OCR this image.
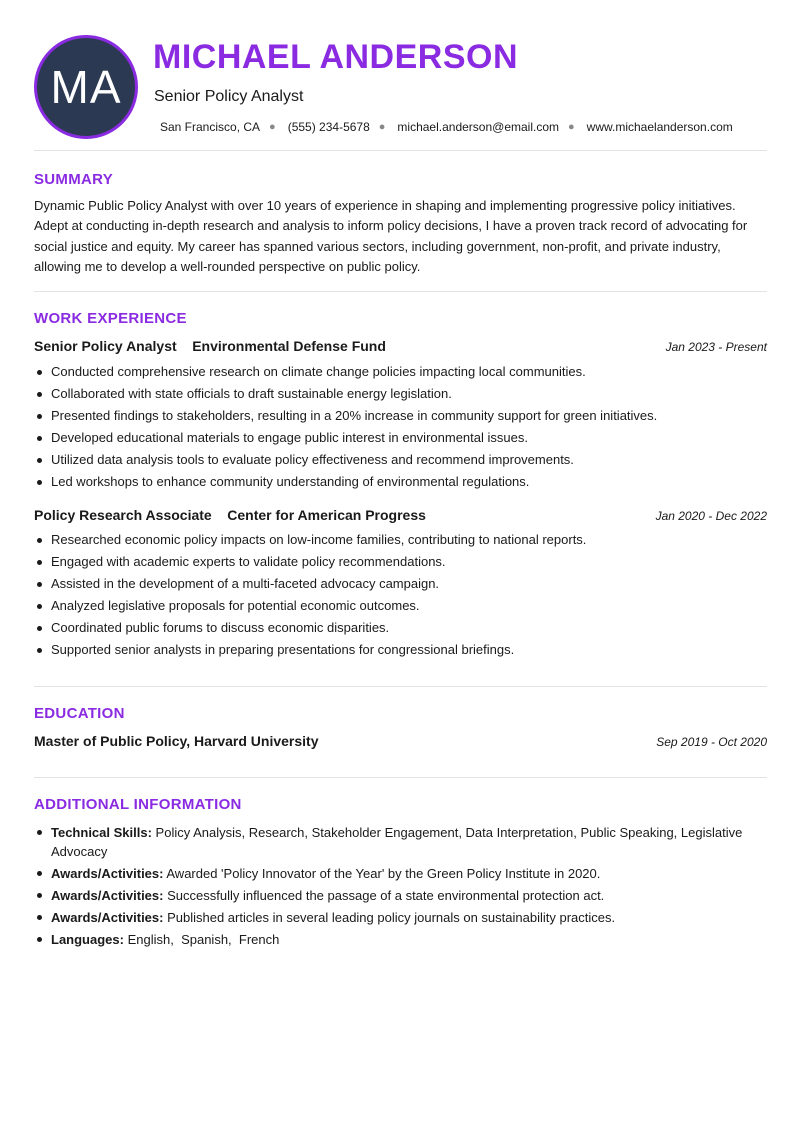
MA
MICHAEL ANDERSON
Senior Policy Analyst
San Francisco, CA ● (555) 234-5678 ● michael.anderson@email.com ● www.michaelanderson.com
SUMMARY
Dynamic Public Policy Analyst with over 10 years of experience in shaping and implementing progressive policy initiatives. Adept at conducting in-depth research and analysis to inform policy decisions, I have a proven track record of advocating for social justice and equity. My career has spanned various sectors, including government, non-profit, and private industry, allowing me to develop a well-rounded perspective on public policy.
WORK EXPERIENCE
Senior Policy Analyst Environmental Defense Fund	Jan 2023 - Present
Conducted comprehensive research on climate change policies impacting local communities.
Collaborated with state officials to draft sustainable energy legislation.
Presented findings to stakeholders, resulting in a 20% increase in community support for green initiatives.
Developed educational materials to engage public interest in environmental issues.
Utilized data analysis tools to evaluate policy effectiveness and recommend improvements.
Led workshops to enhance community understanding of environmental regulations.
Policy Research Associate Center for American Progress	Jan 2020 - Dec 2022
Researched economic policy impacts on low-income families, contributing to national reports.
Engaged with academic experts to validate policy recommendations.
Assisted in the development of a multi-faceted advocacy campaign.
Analyzed legislative proposals for potential economic outcomes.
Coordinated public forums to discuss economic disparities.
Supported senior analysts in preparing presentations for congressional briefings.
EDUCATION
Master of Public Policy, Harvard University	Sep 2019 - Oct 2020
ADDITIONAL INFORMATION
Technical Skills: Policy Analysis, Research, Stakeholder Engagement, Data Interpretation, Public Speaking, Legislative Advocacy
Awards/Activities: Awarded 'Policy Innovator of the Year' by the Green Policy Institute in 2020.
Awards/Activities: Successfully influenced the passage of a state environmental protection act.
Awards/Activities: Published articles in several leading policy journals on sustainability practices.
Languages: English,  Spanish,  French
